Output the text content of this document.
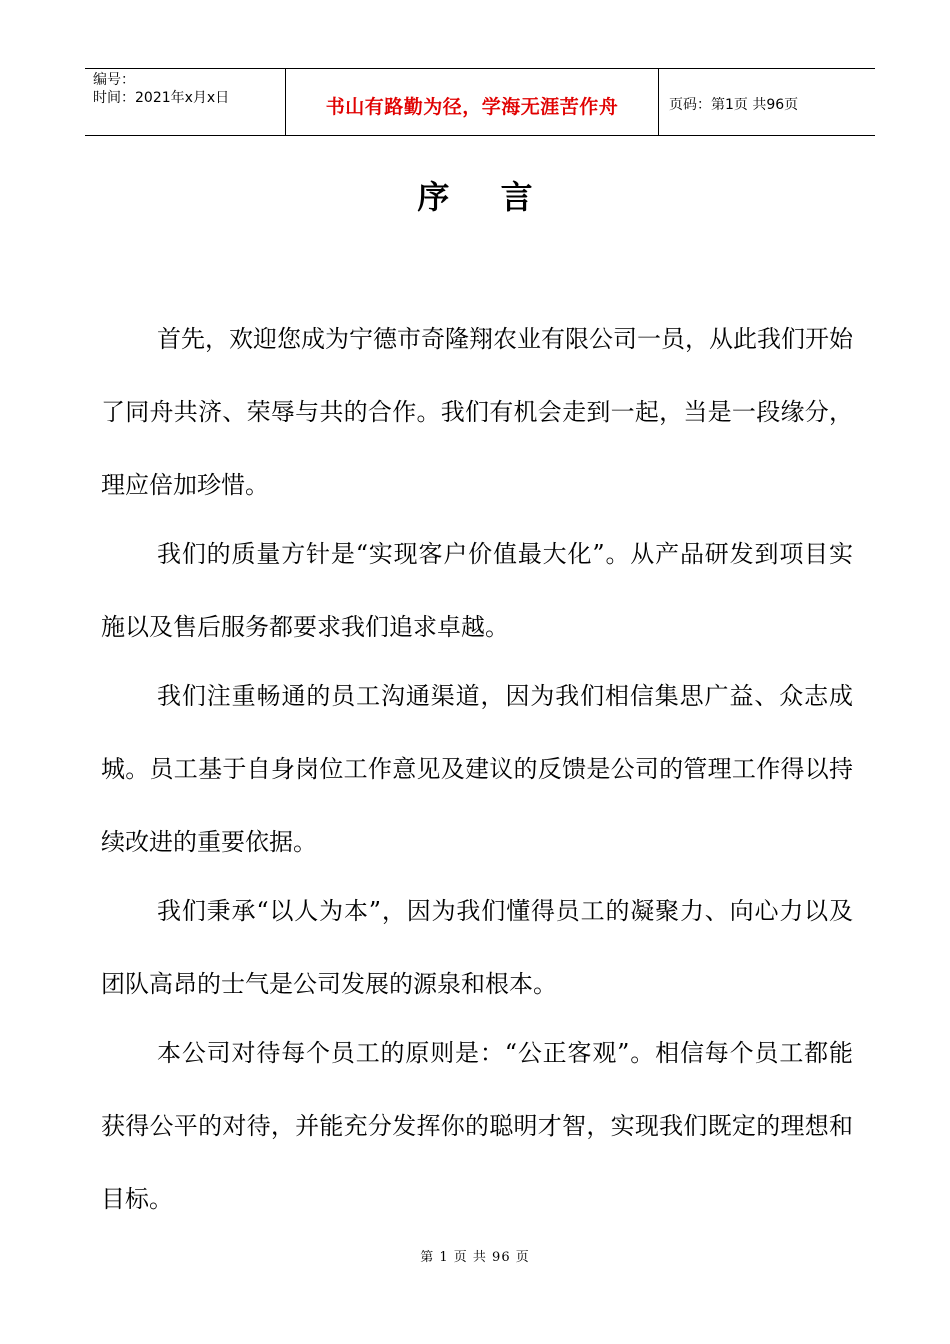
编号：
时间：2021年x月x日	书山有路勤为径，学海无涯苦作舟	页码：第1页 共96页
序 言

首先，欢迎您成为宁德市奇隆翔农业有限公司一员，从此我们开始了同舟共济、荣辱与共的合作。我们有机会走到一起，当是一段缘分，理应倍加珍惜。

我们的质量方针是“实现客户价值最大化”。从产品研发到项目实施以及售后服务都要求我们追求卓越。

我们注重畅通的员工沟通渠道，因为我们相信集思广益、众志成城。员工基于自身岗位工作意见及建议的反馈是公司的管理工作得以持续改进的重要依据。

我们秉承“以人为本”，因为我们懂得员工的凝聚力、向心力以及团队高昂的士气是公司发展的源泉和根本。

本公司对待每个员工的原则是：“公正客观”。相信每个员工都能获得公平的对待，并能充分发挥你的聪明才智，实现我们既定的理想和目标。

第 1 页 共 96 页
